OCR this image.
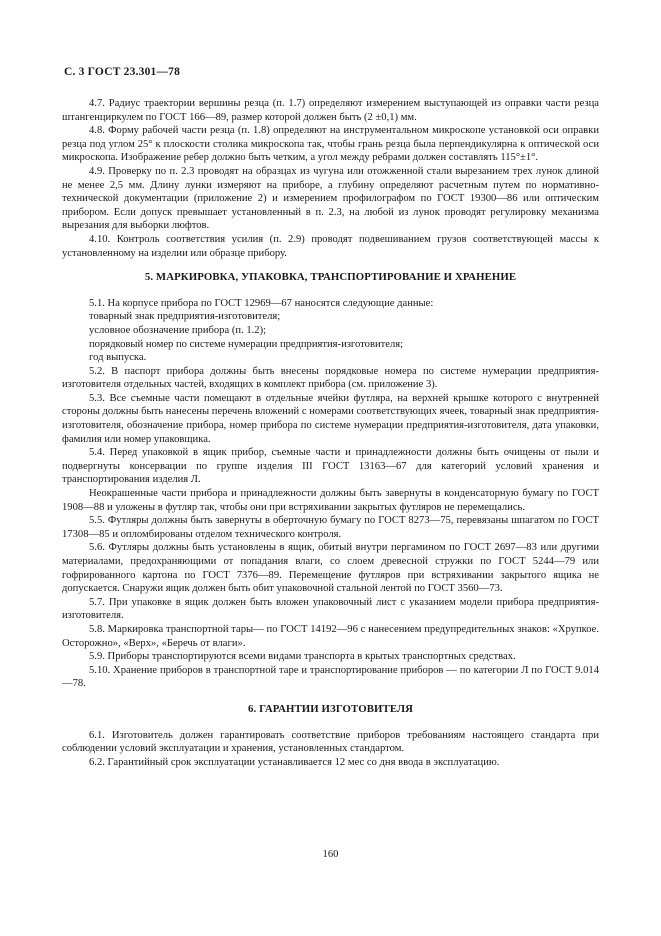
С. 3 ГОСТ 23.301—78

4.7. Радиус траектории вершины резца (п. 1.7) определяют измерением выступающей из оправки части резца штангенциркулем по ГОСТ 166—89, размер которой должен быть (2 ±0,1) мм.

4.8. Форму рабочей части резца (п. 1.8) определяют на инструментальном микроскопе установкой оси оправки резца под углом 25° к плоскости столика микроскопа так, чтобы грань резца была перпендикулярна к оптической оси микроскопа. Изображение ребер должно быть четким, а угол между ребрами должен составлять 115°±1°.

4.9. Проверку по п. 2.3 проводят на образцах из чугуна или отожженной стали вырезанием трех лунок длиной не менее 2,5 мм. Длину лунки измеряют на приборе, а глубину определяют расчетным путем по нормативно-технической документации (приложение 2) и измерением профилографом по ГОСТ 19300—86 или оптическим прибором. Если допуск превышает установленный в п. 2.3, на любой из лунок проводят регулировку механизма вырезания для выборки люфтов.

4.10. Контроль соответствия усилия (п. 2.9) проводят подвешиванием грузов соответствующей массы к установленному на изделии или образце прибору.

5. МАРКИРОВКА, УПАКОВКА, ТРАНСПОРТИРОВАНИЕ И ХРАНЕНИЕ

5.1. На корпусе прибора по ГОСТ 12969—67 наносятся следующие данные:

товарный знак предприятия-изготовителя;

условное обозначение прибора (п. 1.2);

порядковый номер по системе нумерации предприятия-изготовителя;

год выпуска.

5.2. В паспорт прибора должны быть внесены порядковые номера по системе нумерации предприятия-изготовителя отдельных частей, входящих в комплект прибора (см. приложение 3).

5.3. Все съемные части помещают в отдельные ячейки футляра, на верхней крышке которого с внутренней стороны должны быть нанесены перечень вложений с номерами соответствующих ячеек, товарный знак предприятия-изготовителя, обозначение прибора, номер прибора по системе нумерации предприятия-изготовителя, дата упаковки, фамилия или номер упаковщика.

5.4. Перед упаковкой в ящик прибор, съемные части и принадлежности должны быть очищены от пыли и подвергнуты консервации по группе изделия III ГОСТ 13163—67 для категорий условий хранения и транспортирования изделия Л.

Неокрашенные части прибора и принадлежности должны быть завернуты в конденсаторную бумагу по ГОСТ 1908—88 и уложены в футляр так, чтобы они при встряхивании закрытых футляров не перемещались.

5.5. Футляры должны быть завернуты в оберточную бумагу по ГОСТ 8273—75, перевязаны шпагатом по ГОСТ 17308—85 и опломбированы отделом технического контроля.

5.6. Футляры должны быть установлены в ящик, обитый внутри пергамином по ГОСТ 2697—83 или другими материалами, предохраняющими от попадания влаги, со слоем древесной стружки по ГОСТ 5244—79 или гофрированного картона по ГОСТ 7376—89. Перемещение футляров при встряхивании закрытого ящика не допускается. Снаружи ящик должен быть обит упаковочной стальной лентой по ГОСТ 3560—73.

5.7. При упаковке в ящик должен быть вложен упаковочный лист с указанием модели прибора предприятия-изготовителя.

5.8. Маркировка транспортной тары— по ГОСТ 14192—96 с нанесением предупредительных знаков: «Хрупкое. Осторожно», «Верх», «Беречь от влаги».

5.9. Приборы транспортируются всеми видами транспорта в крытых транспортных средствах.

5.10. Хранение приборов в транспортной таре и транспортирование приборов — по категории Л по ГОСТ 9.014—78.

6. ГАРАНТИИ ИЗГОТОВИТЕЛЯ

6.1. Изготовитель должен гарантировать соответствие приборов требованиям настоящего стандарта при соблюдении условий эксплуатации и хранения, установленных стандартом.

6.2. Гарантийный срок эксплуатации устанавливается 12 мес со дня ввода в эксплуатацию.

160
